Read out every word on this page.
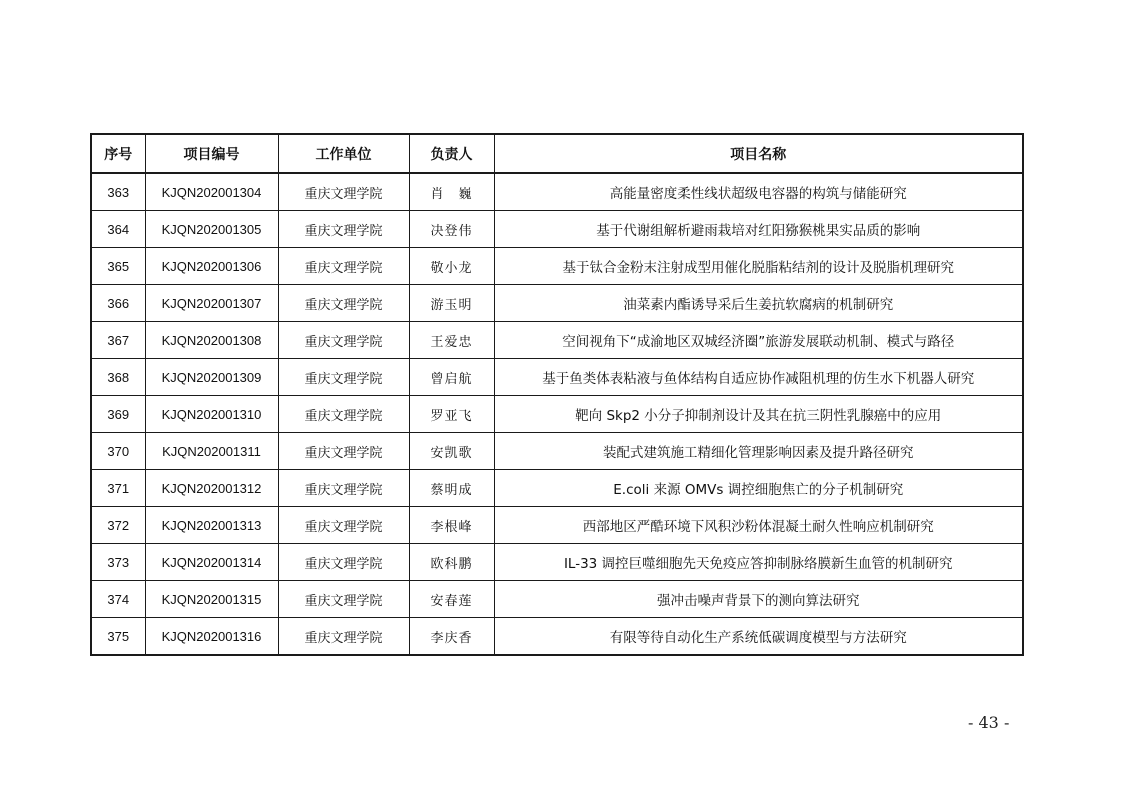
序号	项目编号	工作单位	负责人	项目名称
363	KJQN202001304	重庆文理学院	肖　巍	高能量密度柔性线状超级电容器的构筑与储能研究
364	KJQN202001305	重庆文理学院	决登伟	基于代谢组解析避雨栽培对红阳猕猴桃果实品质的影响
365	KJQN202001306	重庆文理学院	敬小龙	基于钛合金粉末注射成型用催化脱脂粘结剂的设计及脱脂机理研究
366	KJQN202001307	重庆文理学院	游玉明	油菜素内酯诱导采后生姜抗软腐病的机制研究
367	KJQN202001308	重庆文理学院	王爱忠	空间视角下“成渝地区双城经济圈”旅游发展联动机制、模式与路径
368	KJQN202001309	重庆文理学院	曾启航	基于鱼类体表粘液与鱼体结构自适应协作减阻机理的仿生水下机器人研究
369	KJQN202001310	重庆文理学院	罗亚飞	靶向 Skp2 小分子抑制剂设计及其在抗三阴性乳腺癌中的应用
370	KJQN202001311	重庆文理学院	安凯歌	装配式建筑施工精细化管理影响因素及提升路径研究
371	KJQN202001312	重庆文理学院	蔡明成	E.coli 来源 OMVs 调控细胞焦亡的分子机制研究
372	KJQN202001313	重庆文理学院	李根峰	西部地区严酷环境下风积沙粉体混凝土耐久性响应机制研究
373	KJQN202001314	重庆文理学院	欧科鹏	IL-33 调控巨噬细胞先天免疫应答抑制脉络膜新生血管的机制研究
374	KJQN202001315	重庆文理学院	安春莲	强冲击噪声背景下的测向算法研究
375	KJQN202001316	重庆文理学院	李庆香	有限等待自动化生产系统低碳调度模型与方法研究
- 43 -
